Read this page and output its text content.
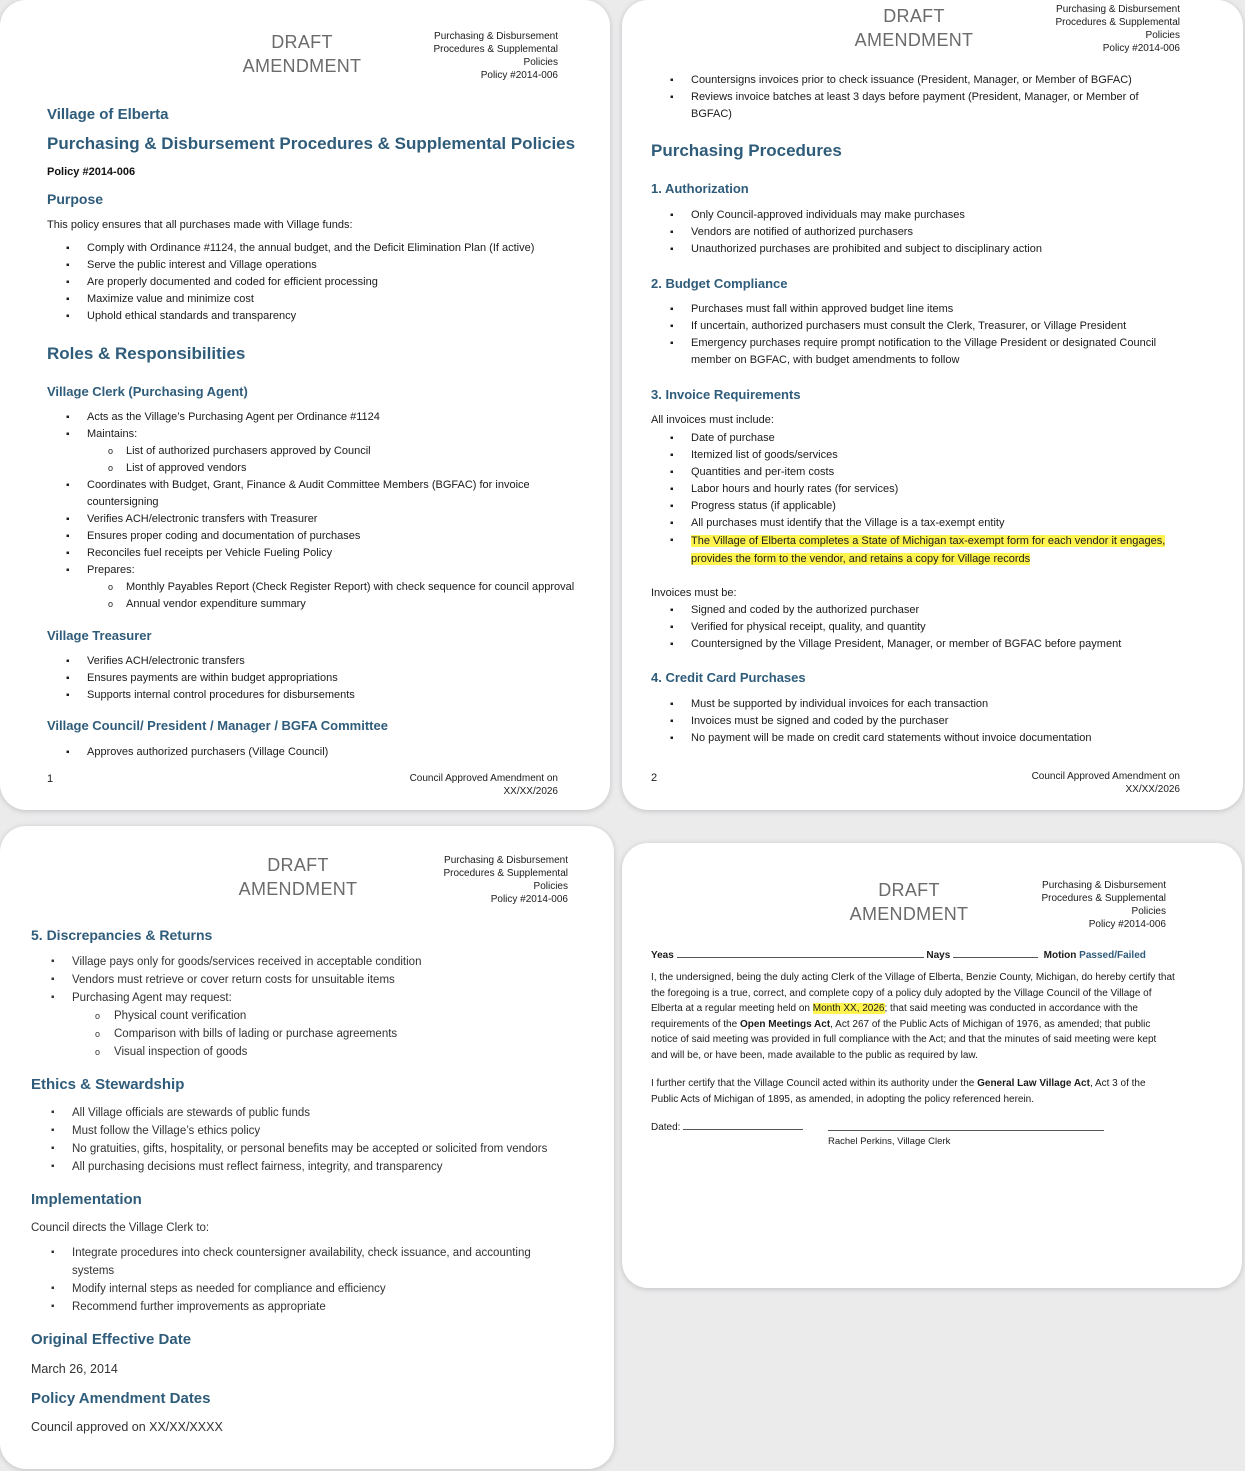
DRAFT
AMENDMENT
Purchasing & Disbursement
Procedures & Supplemental
Policies
Policy #2014-006
Village of Elberta
Purchasing & Disbursement Procedures & Supplemental Policies
Policy #2014-006
Purpose
This policy ensures that all purchases made with Village funds:
▪ Comply with Ordinance #1124, the annual budget, and the Deficit Elimination Plan (If active)
▪ Serve the public interest and Village operations
▪ Are properly documented and coded for efficient processing
▪ Maximize value and minimize cost
▪ Uphold ethical standards and transparency
Roles & Responsibilities
Village Clerk (Purchasing Agent)
▪ Acts as the Village’s Purchasing Agent per Ordinance #1124
▪ Maintains:
o List of authorized purchasers approved by Council
o List of approved vendors
▪ Coordinates with Budget, Grant, Finance & Audit Committee Members (BGFAC) for invoice
countersigning
▪ Verifies ACH/electronic transfers with Treasurer
▪ Ensures proper coding and documentation of purchases
▪ Reconciles fuel receipts per Vehicle Fueling Policy
▪ Prepares:
o Monthly Payables Report (Check Register Report) with check sequence for council approval
o Annual vendor expenditure summary
Village Treasurer
▪ Verifies ACH/electronic transfers
▪ Ensures payments are within budget appropriations
▪ Supports internal control procedures for disbursements
Village Council/ President / Manager / BGFA Committee
▪ Approves authorized purchasers (Village Council)
1	Council Approved Amendment on
XX/XX/2026
DRAFT
AMENDMENT
Purchasing & Disbursement
Procedures & Supplemental
Policies
Policy #2014-006
▪ Countersigns invoices prior to check issuance (President, Manager, or Member of BGFAC)
▪ Reviews invoice batches at least 3 days before payment (President, Manager, or Member of
BGFAC)
Purchasing Procedures
1. Authorization
▪ Only Council-approved individuals may make purchases
▪ Vendors are notified of authorized purchasers
▪ Unauthorized purchases are prohibited and subject to disciplinary action
2. Budget Compliance
▪ Purchases must fall within approved budget line items
▪ If uncertain, authorized purchasers must consult the Clerk, Treasurer, or Village President
▪ Emergency purchases require prompt notification to the Village President or designated Council
member on BGFAC, with budget amendments to follow
3. Invoice Requirements
All invoices must include:
▪ Date of purchase
▪ Itemized list of goods/services
▪ Quantities and per-item costs
▪ Labor hours and hourly rates (for services)
▪ Progress status (if applicable)
▪ All purchases must identify that the Village is a tax-exempt entity
▪ The Village of Elberta completes a State of Michigan tax-exempt form for each vendor it engages,
provides the form to the vendor, and retains a copy for Village records
Invoices must be:
▪ Signed and coded by the authorized purchaser
▪ Verified for physical receipt, quality, and quantity
▪ Countersigned by the Village President, Manager, or member of BGFAC before payment
4. Credit Card Purchases
▪ Must be supported by individual invoices for each transaction
▪ Invoices must be signed and coded by the purchaser
▪ No payment will be made on credit card statements without invoice documentation
2	Council Approved Amendment on
XX/XX/2026
DRAFT
AMENDMENT
Purchasing & Disbursement
Procedures & Supplemental
Policies
Policy #2014-006
5. Discrepancies & Returns
▪ Village pays only for goods/services received in acceptable condition
▪ Vendors must retrieve or cover return costs for unsuitable items
▪ Purchasing Agent may request:
o Physical count verification
o Comparison with bills of lading or purchase agreements
o Visual inspection of goods
Ethics & Stewardship
▪ All Village officials are stewards of public funds
▪ Must follow the Village’s ethics policy
▪ No gratuities, gifts, hospitality, or personal benefits may be accepted or solicited from vendors
▪ All purchasing decisions must reflect fairness, integrity, and transparency
Implementation
Council directs the Village Clerk to:
▪ Integrate procedures into check countersigner availability, check issuance, and accounting
systems
▪ Modify internal steps as needed for compliance and efficiency
▪ Recommend further improvements as appropriate
Original Effective Date
March 26, 2014
Policy Amendment Dates
Council approved on XX/XX/XXXX
DRAFT
AMENDMENT
Purchasing & Disbursement
Procedures & Supplemental
Policies
Policy #2014-006
Yeas	Nays	Motion Passed/Failed
I, the undersigned, being the duly acting Clerk of the Village of Elberta, Benzie County, Michigan, do hereby certify that
the foregoing is a true, correct, and complete copy of a policy duly adopted by the Village Council of the Village of
Elberta at a regular meeting held on Month XX, 2026; that said meeting was conducted in accordance with the
requirements of the Open Meetings Act, Act 267 of the Public Acts of Michigan of 1976, as amended; that public
notice of said meeting was provided in full compliance with the Act; and that the minutes of said meeting were kept
and will be, or have been, made available to the public as required by law.
I further certify that the Village Council acted within its authority under the General Law Village Act, Act 3 of the
Public Acts of Michigan of 1895, as amended, in adopting the policy referenced herein.
Dated:
Rachel Perkins, Village Clerk
